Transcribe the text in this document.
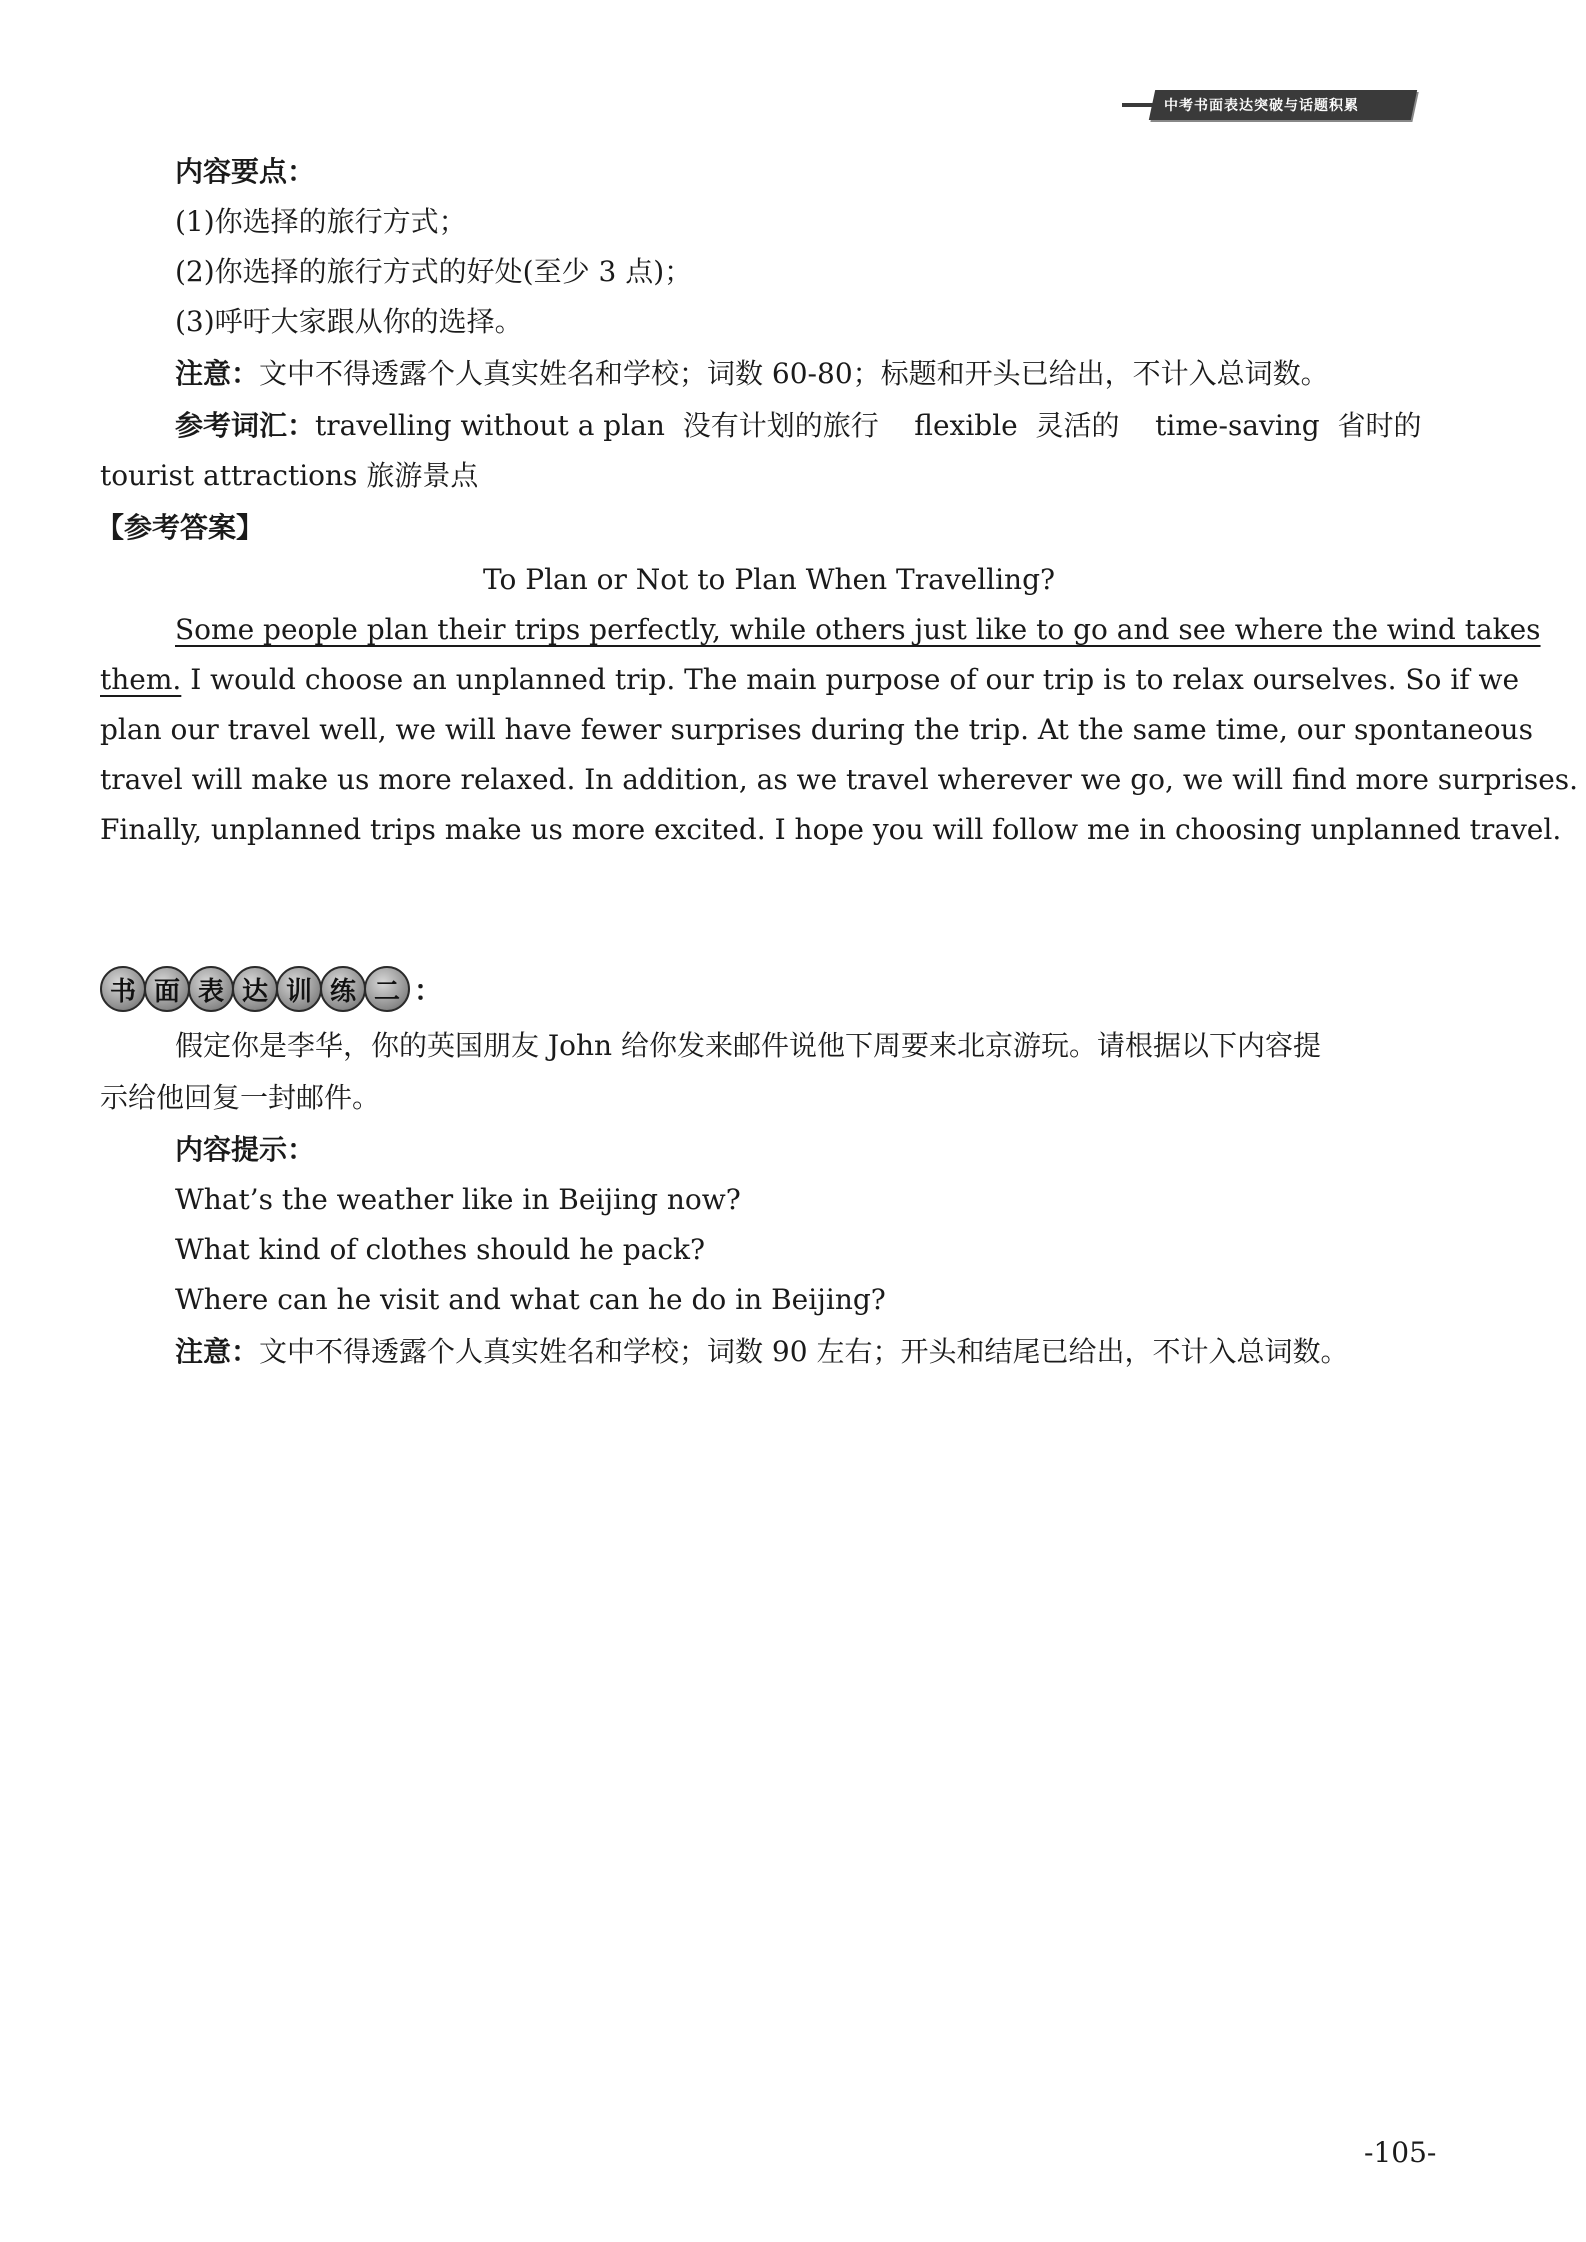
中考书面表达突破与话题积累
内容要点：
(1)你选择的旅行方式；
(2)你选择的旅行方式的好处(至少 3 点)；
(3)呼吁大家跟从你的选择。
注意：文中不得透露个人真实姓名和学校；词数 60-80；标题和开头已给出，不计入总词数。
参考词汇：travelling without a plan  没有计划的旅行    flexible  灵活的    time-saving  省时的
tourist attractions 旅游景点
【参考答案】
To Plan or Not to Plan When Travelling?
Some people plan their trips perfectly, while others just like to go and see where the wind takes
them. I would choose an unplanned trip. The main purpose of our trip is to relax ourselves. So if we
plan our travel well, we will have fewer surprises during the trip. At the same time, our spontaneous
travel will make us more relaxed. In addition, as we travel wherever we go, we will find more surprises.
Finally, unplanned trips make us more excited. I hope you will follow me in choosing unplanned travel.
书 面 表 达 训 练 二 ：
假定你是李华，你的英国朋友 John 给你发来邮件说他下周要来北京游玩。请根据以下内容提
示给他回复一封邮件。
内容提示：
What’s the weather like in Beijing now?
What kind of clothes should he pack?
Where can he visit and what can he do in Beijing?
注意：文中不得透露个人真实姓名和学校；词数 90 左右；开头和结尾已给出，不计入总词数。
-105-
